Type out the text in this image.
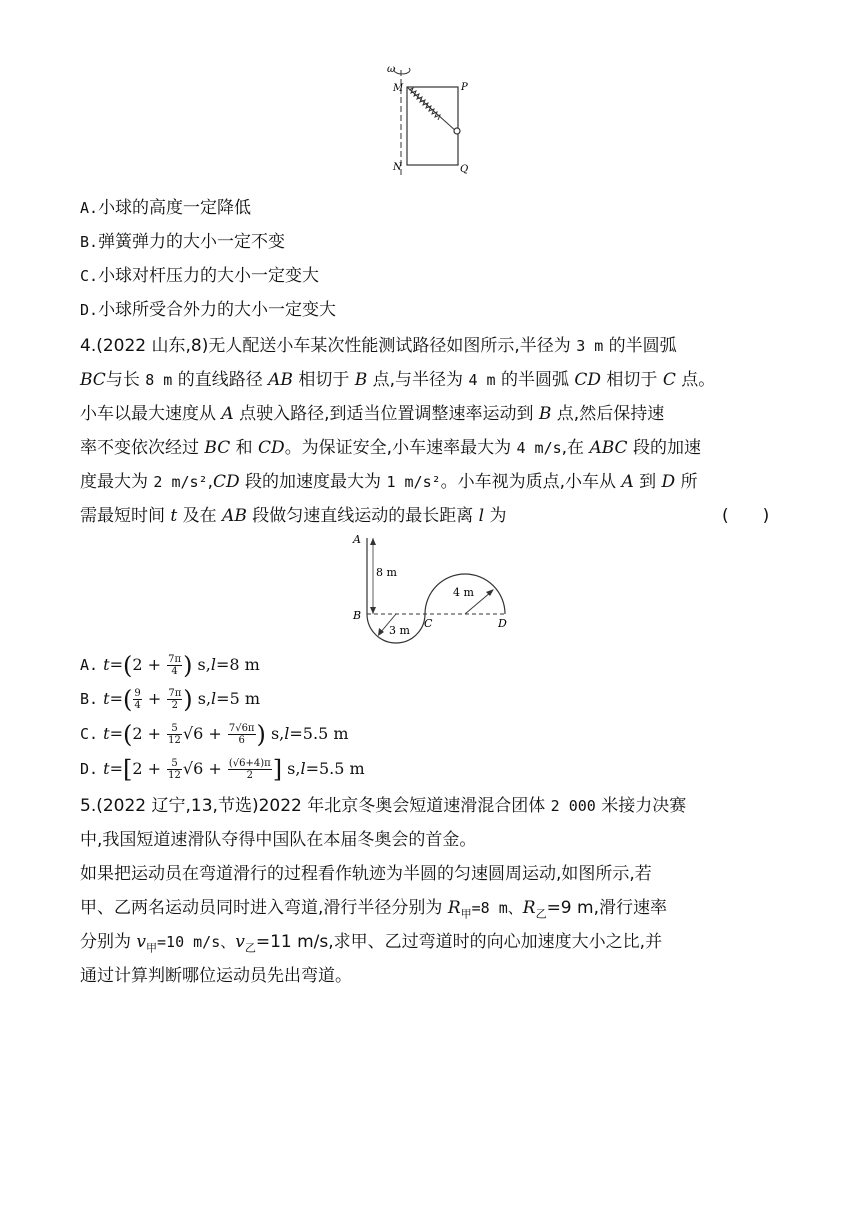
ω
M	P
N	Q
A.小球的高度一定降低
B.弹簧弹力的大小一定不变
C.小球对杆压力的大小一定变大
D.小球所受合外力的大小一定变大
4.(2022 山东,8)无人配送小车某次性能测试路径如图所示,半径为 3 m 的半圆弧
BC与长 8 m 的直线路径 AB 相切于 B 点,与半径为 4 m 的半圆弧 CD 相切于 C 点。
小车以最大速度从 A 点驶入路径,到适当位置调整速率运动到 B 点,然后保持速
率不变依次经过 BC 和 CD。为保证安全,小车速率最大为 4 m/s,在 ABC 段的加速
度最大为 2 m/s²,CD 段的加速度最大为 1 m/s²。小车视为质点,小车从 A 到 D 所
需最短时间 t 及在 AB 段做匀速直线运动的最长距离 l 为	(　　)
A
B
C	D
8 m
3 m
4 m
A. $t=(2 + \frac{7\pi}{4}$ ) s,l=8 m
B. $t=( \frac{9}{4} + \frac{7\pi}{2}$ ) s,l=5 m
C. $t=(2 + \frac{5}{12} √6 + \frac{7√6\pi}{6}$ ) s,l=5.5 m
D. $t=[2 + \frac{5}{12} √6 + \frac{(√6+4)\pi}{2}$ ] s,l=5.5 m
5.(2022 辽宁,13,节选)2022 年北京冬奥会短道速滑混合团体 2 000 米接力决赛
中,我国短道速滑队夺得中国队在本届冬奥会的首金。
如果把运动员在弯道滑行的过程看作轨迹为半圆的匀速圆周运动,如图所示,若
甲、乙两名运动员同时进入弯道,滑行半径分别为 $R_甲=8$ m、$R_乙=9$ m,滑行速率
分别为 $v_甲=10$ m/s、$v_乙=11$ m/s,求甲、乙过弯道时的向心加速度大小之比,并
通过计算判断哪位运动员先出弯道。
